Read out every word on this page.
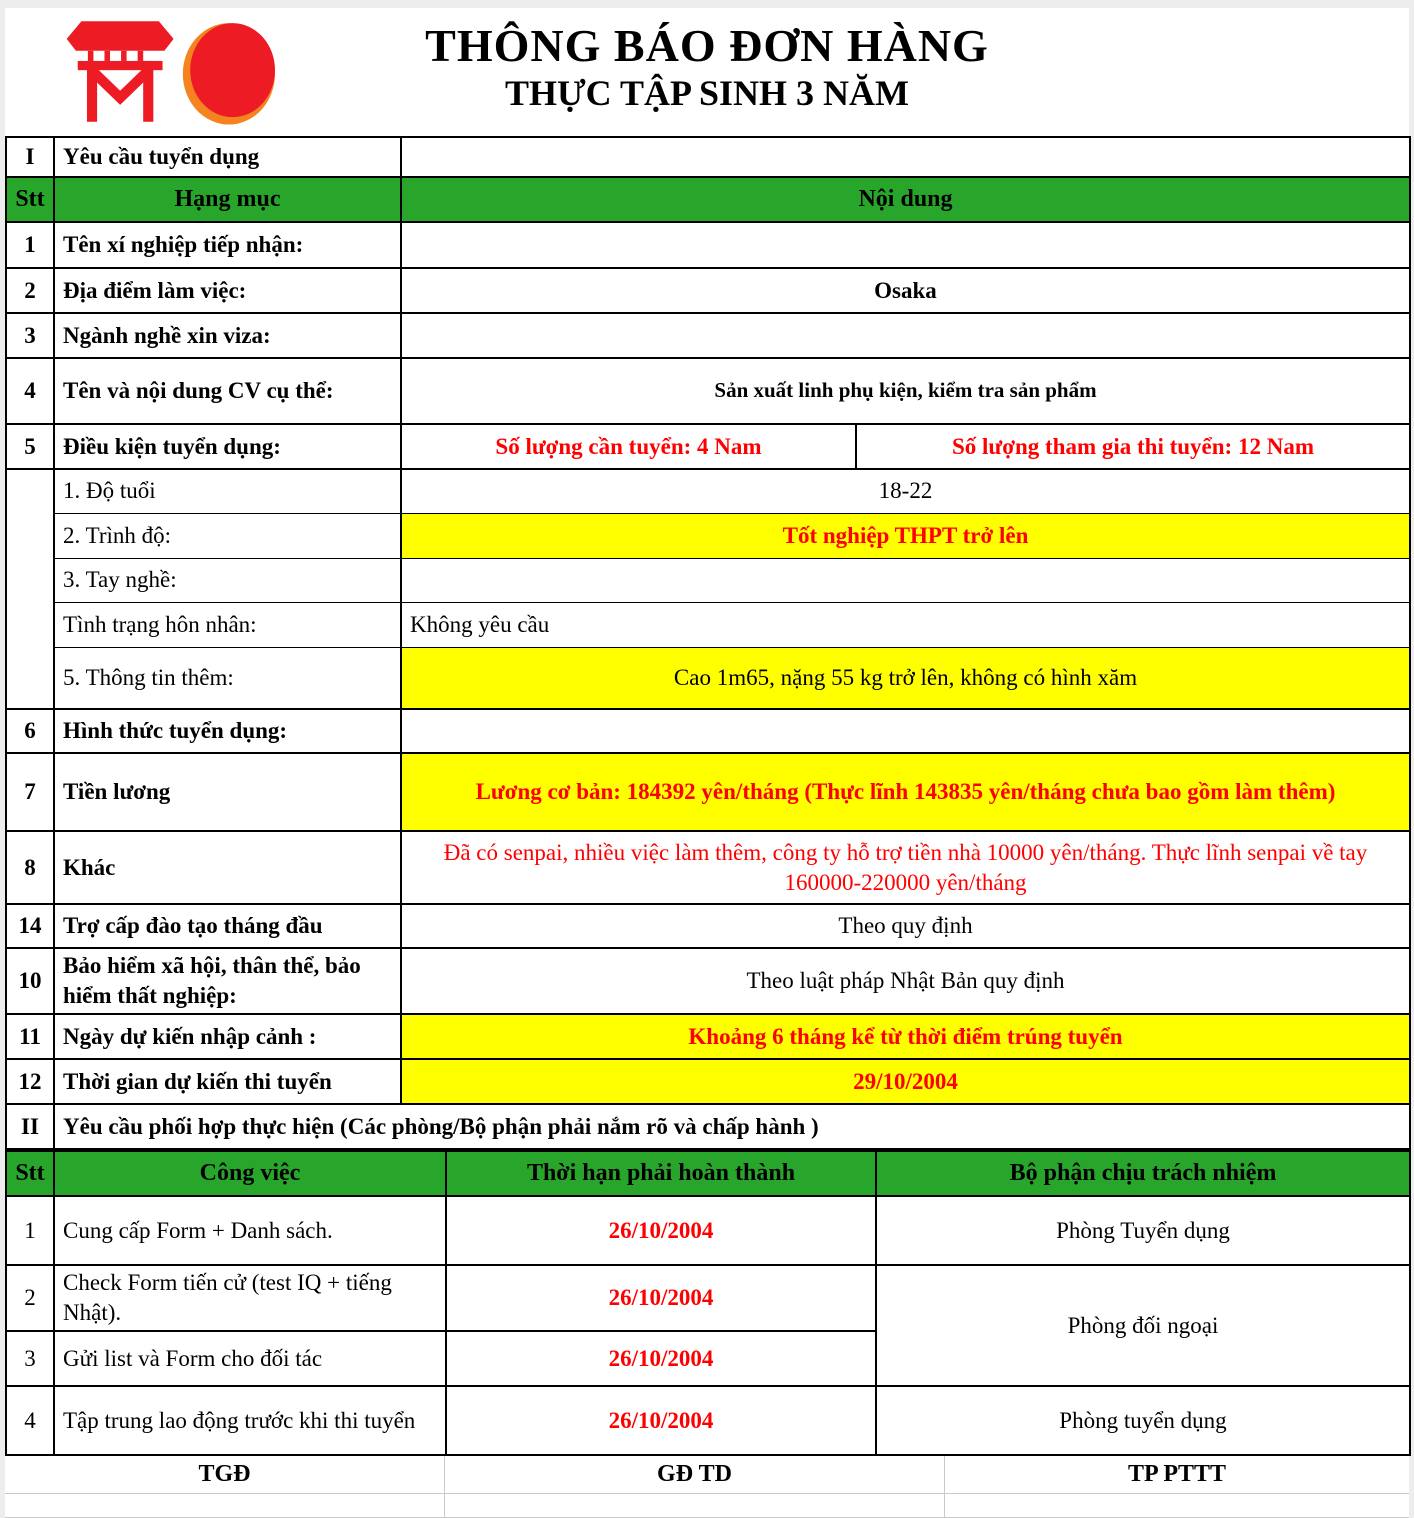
THÔNG BÁO ĐƠN HÀNG
THỰC TẬP SINH 3 NĂM
I	Yêu cầu tuyển dụng		
Stt	Hạng mục	Nội dung	
1	Tên xí nghiệp tiếp nhận:		
2	Địa điểm làm việc:	Osaka	
3	Ngành nghề xin viza:		
4	Tên và nội dung CV cụ thể:	Sản xuất linh phụ kiện, kiểm tra sản phẩm	
5	Điều kiện tuyển dụng:	Số lượng cần tuyển: 4 Nam	Số lượng tham gia thi tuyển: 12 Nam
	1. Độ tuổi	18-22	
	2. Trình độ:	Tốt nghiệp THPT trở lên	
	3. Tay nghề:		
	Tình trạng hôn nhân:	Không yêu cầu	
	5. Thông tin thêm:	Cao 1m65, nặng 55 kg trở lên, không có hình xăm	
6	Hình thức tuyển dụng:		
7	Tiền lương	Lương cơ bản: 184392 yên/tháng (Thực lĩnh 143835 yên/tháng chưa bao gồm làm thêm)	
8	Khác	Đã có senpai, nhiều việc làm thêm, công ty hỗ trợ tiền nhà 10000 yên/tháng. Thực lĩnh senpai về tay 160000-220000 yên/tháng	
14	Trợ cấp đào tạo tháng đầu	Theo quy định	
10	Bảo hiểm xã hội, thân thể, bảo hiểm thất nghiệp:	Theo luật pháp Nhật Bản quy định	
11	Ngày dự kiến nhập cảnh :	Khoảng 6 tháng kể từ thời điểm trúng tuyển	
12	Thời gian dự kiến thi tuyển	29/10/2004	
II	Yêu cầu phối hợp thực hiện (Các phòng/Bộ phận phải nắm rõ và chấp hành )		
Stt	Công việc	Thời hạn phải hoàn thành	Bộ phận chịu trách nhiệm
1	Cung cấp Form + Danh sách.	26/10/2004	Phòng Tuyển dụng
2	Check Form tiến cử (test IQ + tiếng Nhật).	26/10/2004	Phòng đối ngoại
3	Gửi list và Form cho đối tác	26/10/2004	
4	Tập trung lao động trước khi thi tuyển	26/10/2004	Phòng tuyển dụng
TGĐ	GĐ TD	TP PTTT
